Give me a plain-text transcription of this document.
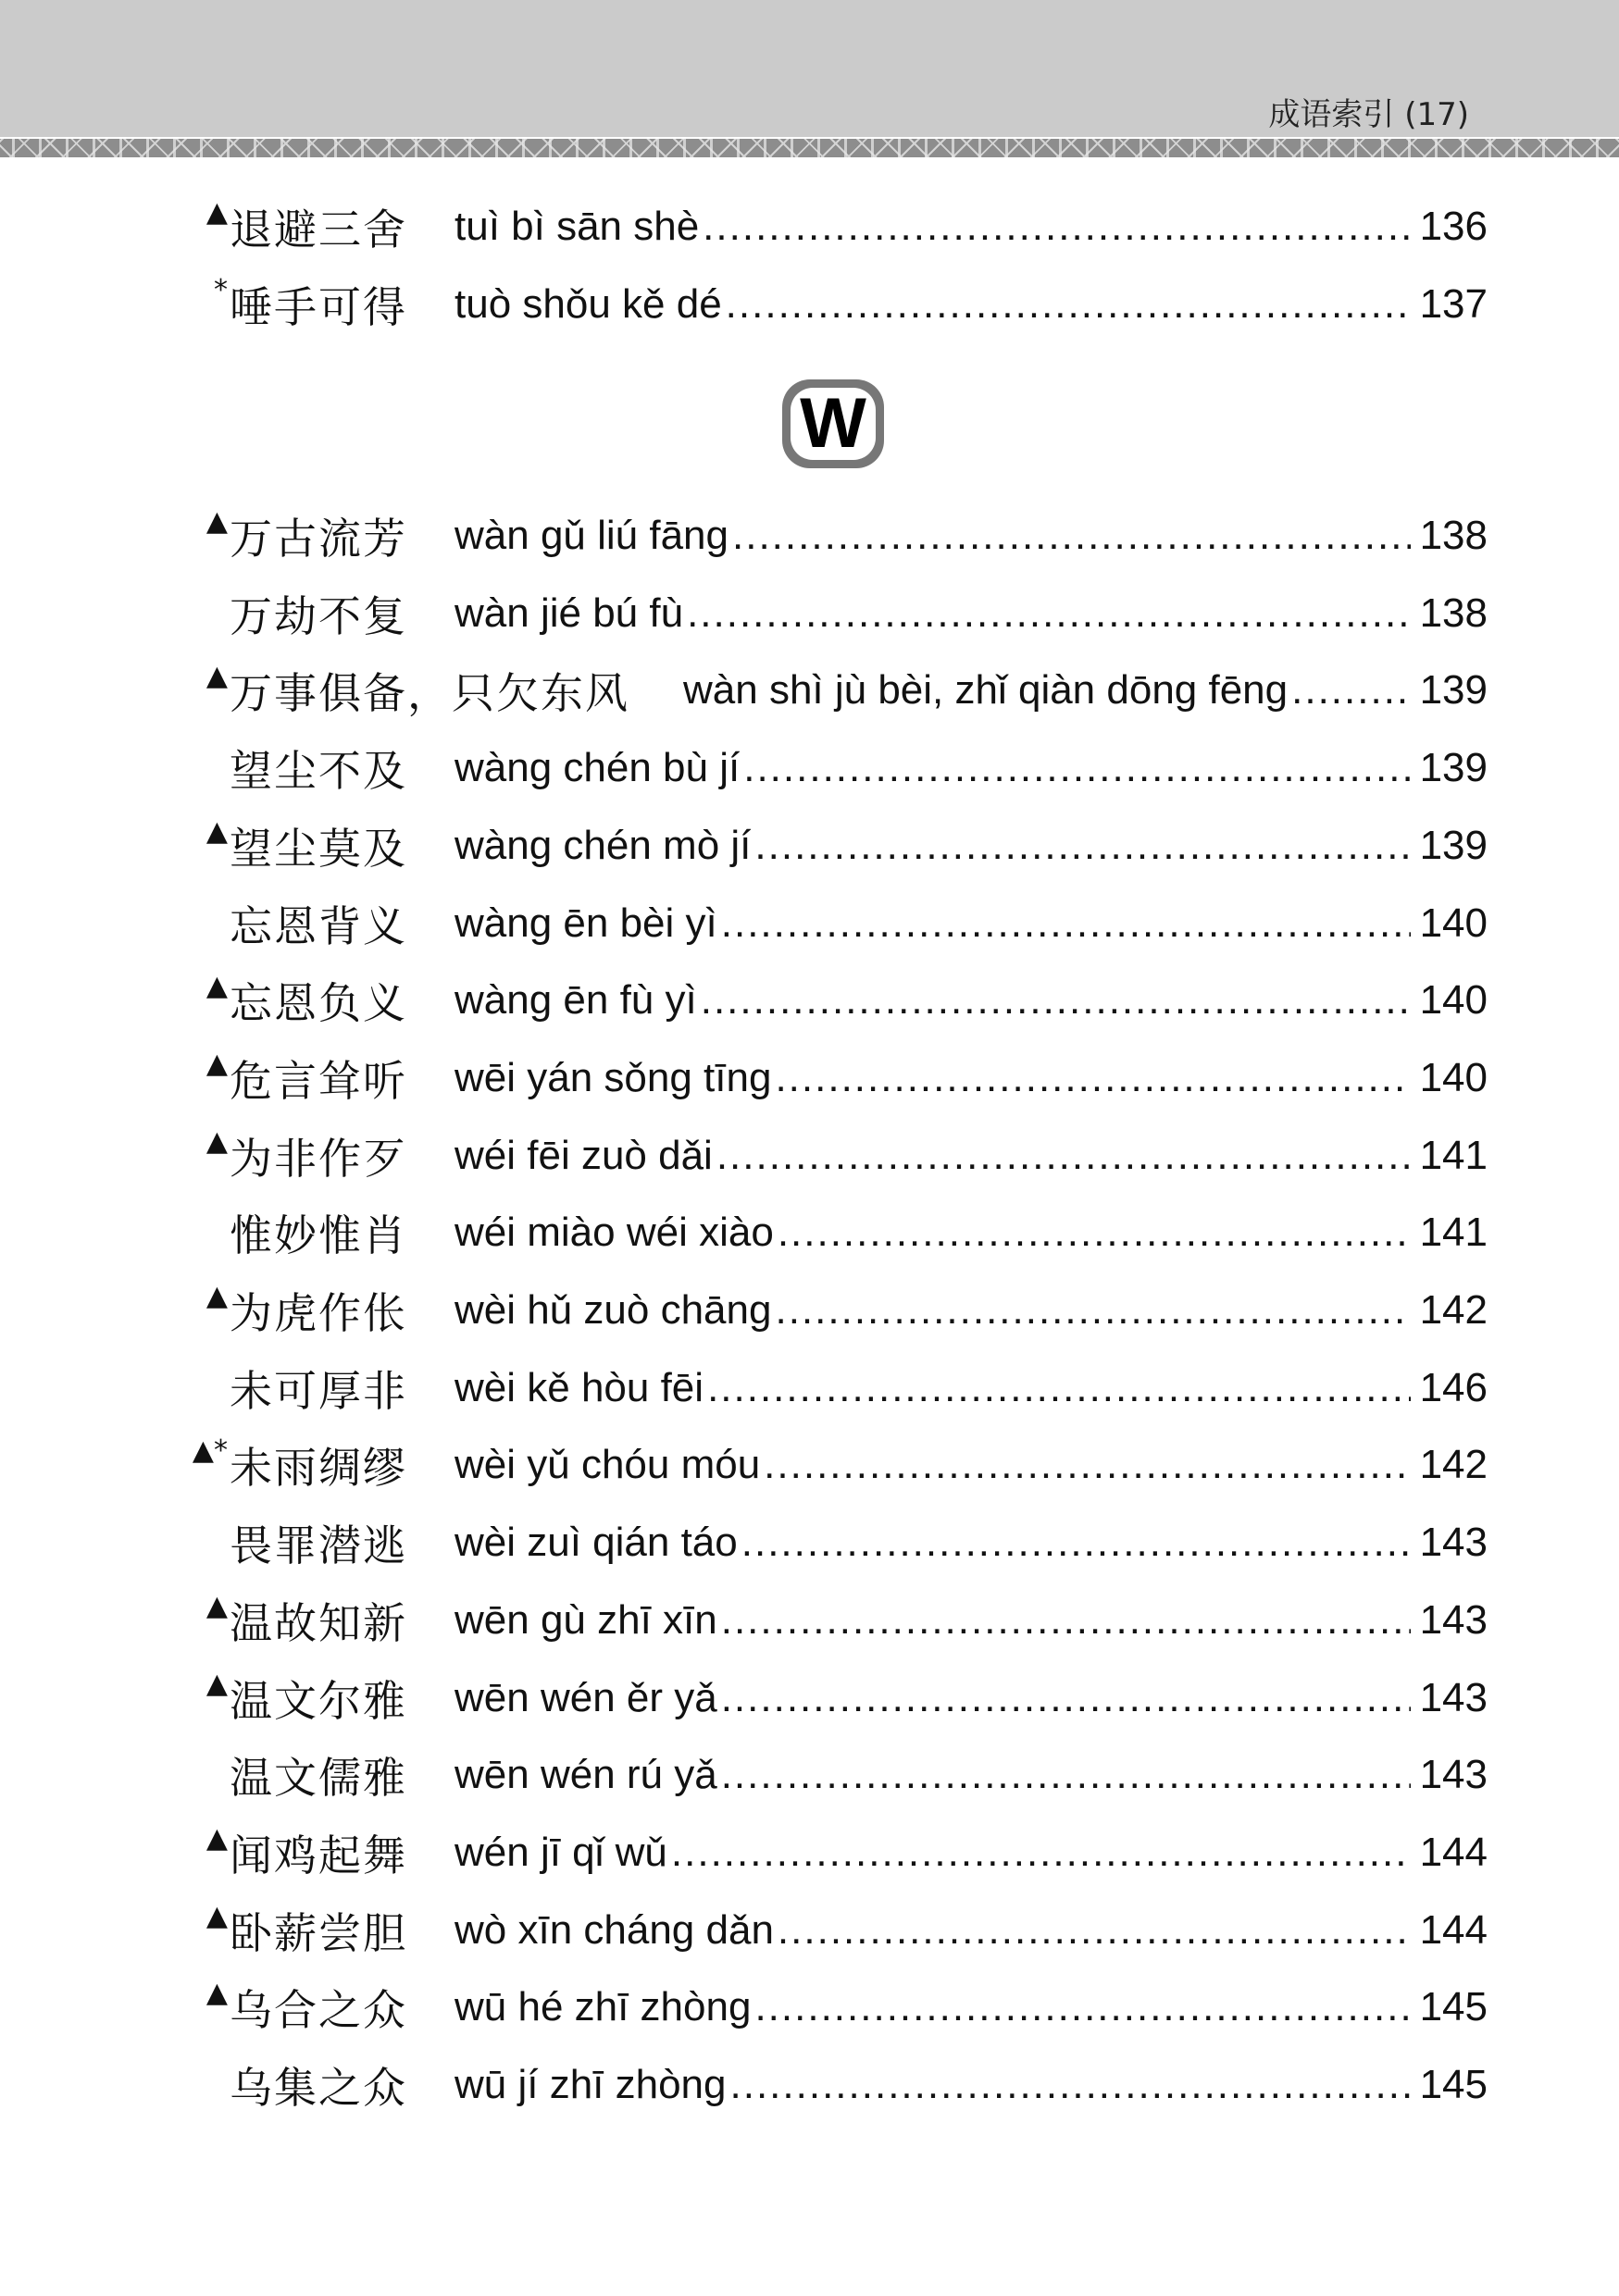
成语索引 (17)
▲ 退避三舍 tuì bì sān shè .....	136
* 唾手可得 tuò shǒu kě dé .....	137
W
▲ 万古流芳 wàn gǔ liú fāng .....	138
万劫不复 wàn jié bú fù .....	138
▲ 万事俱备，只欠东风 wàn shì jù bèi, zhǐ qiàn dōng fēng .....	139
望尘不及 wàng chén bù jí .....	139
▲ 望尘莫及 wàng chén mò jí .....	139
忘恩背义 wàng ēn bèi yì .....	140
▲ 忘恩负义 wàng ēn fù yì .....	140
▲ 危言耸听 wēi yán sǒng tīng .....	140
▲ 为非作歹 wéi fēi zuò dǎi .....	141
惟妙惟肖 wéi miào wéi xiào .....	141
▲ 为虎作伥 wèi hǔ zuò chāng .....	142
未可厚非 wèi kě hòu fēi .....	146
▲* 未雨绸缪 wèi yǔ chóu móu .....	142
畏罪潜逃 wèi zuì qián táo .....	143
▲ 温故知新 wēn gù zhī xīn .....	143
▲ 温文尔雅 wēn wén ěr yǎ .....	143
温文儒雅 wēn wén rú yǎ .....	143
▲ 闻鸡起舞 wén jī qǐ wǔ .....	144
▲ 卧薪尝胆 wò xīn cháng dǎn .....	144
▲ 乌合之众 wū hé zhī zhòng .....	145
乌集之众 wū jí zhī zhòng .....	145
